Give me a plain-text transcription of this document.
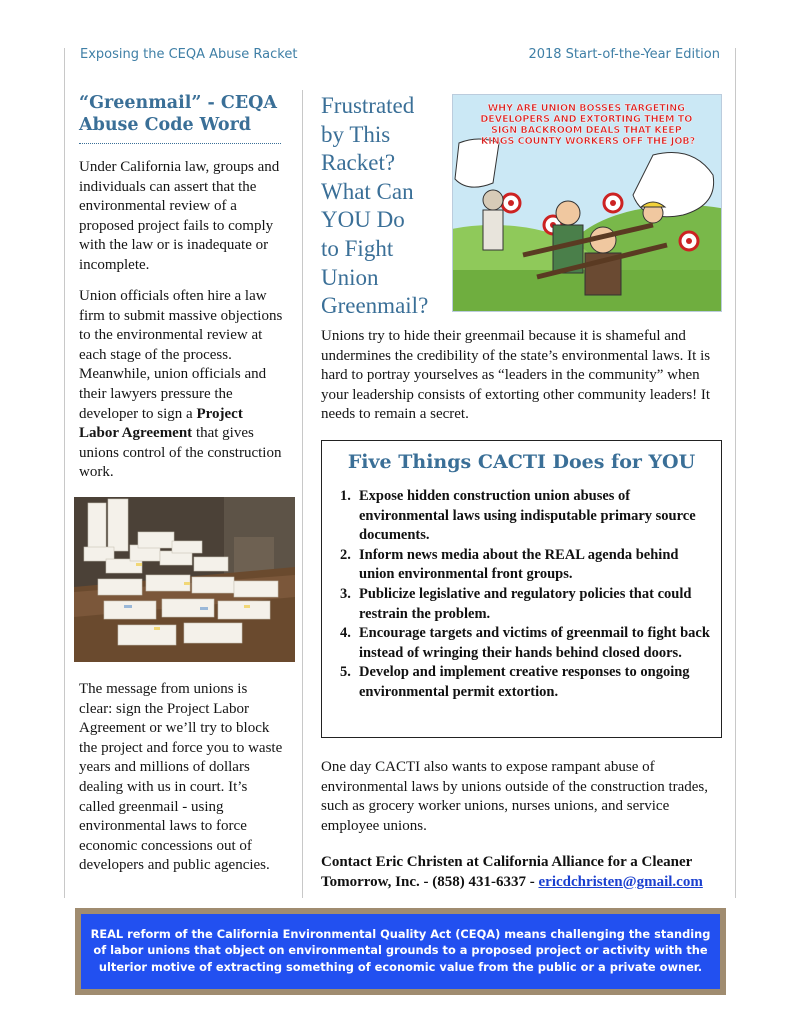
Exposing the CEQA Abuse Racket	2018 Start-of-the-Year Edition
“Greenmail” - CEQA
Abuse Code Word

Under California law, groups and individuals can assert that the environmental review of a proposed project fails to comply with the law or is inadequate or incomplete.

Union officials often hire a law firm to submit massive objections to the environmental review at each stage of the process. Meanwhile, union officials and their lawyers pressure the developer to sign a Project Labor Agreement that gives unions control of the construction work.

The message from unions is clear: sign the Project Labor Agreement or we’ll try to block the project and force you to waste years and millions of dollars dealing with us in court. It’s called greenmail - using environmental laws to force economic concessions out of developers and public agencies.

Frustrated
by This
Racket?
What Can
YOU Do
to Fight
Union
Greenmail?
WHY ARE UNION BOSSES TARGETING DEVELOPERS AND EXTORTING THEM TO SIGN BACKROOM DEALS THAT KEEP KINGS COUNTY WORKERS OFF THE JOB?

Unions try to hide their greenmail because it is shameful and undermines the credibility of the state’s environmental laws. It is hard to portray yourselves as “leaders in the community” when your leadership consists of extorting other community leaders! It needs to remain a secret.

Five Things CACTI Does for YOU
1. Expose hidden construction union abuses of environmental laws using indisputable primary source documents.
2. Inform news media about the REAL agenda behind union environmental front groups.
3. Publicize legislative and regulatory policies that could restrain the problem.
4. Encourage targets and victims of greenmail to fight back instead of wringing their hands behind closed doors.
5. Develop and implement creative responses to ongoing environmental permit extortion.

One day CACTI also wants to expose rampant abuse of environmental laws by unions outside of the construction trades, such as grocery worker unions, nurses unions, and service employee unions.

Contact Eric Christen at California Alliance for a Cleaner Tomorrow, Inc. - (858) 431-6337 - ericdchristen@gmail.com

REAL reform of the California Environmental Quality Act (CEQA) means challenging the standing of labor unions that object on environmental grounds to a proposed project or activity with the ulterior motive of extracting something of economic value from the public or a private owner.
